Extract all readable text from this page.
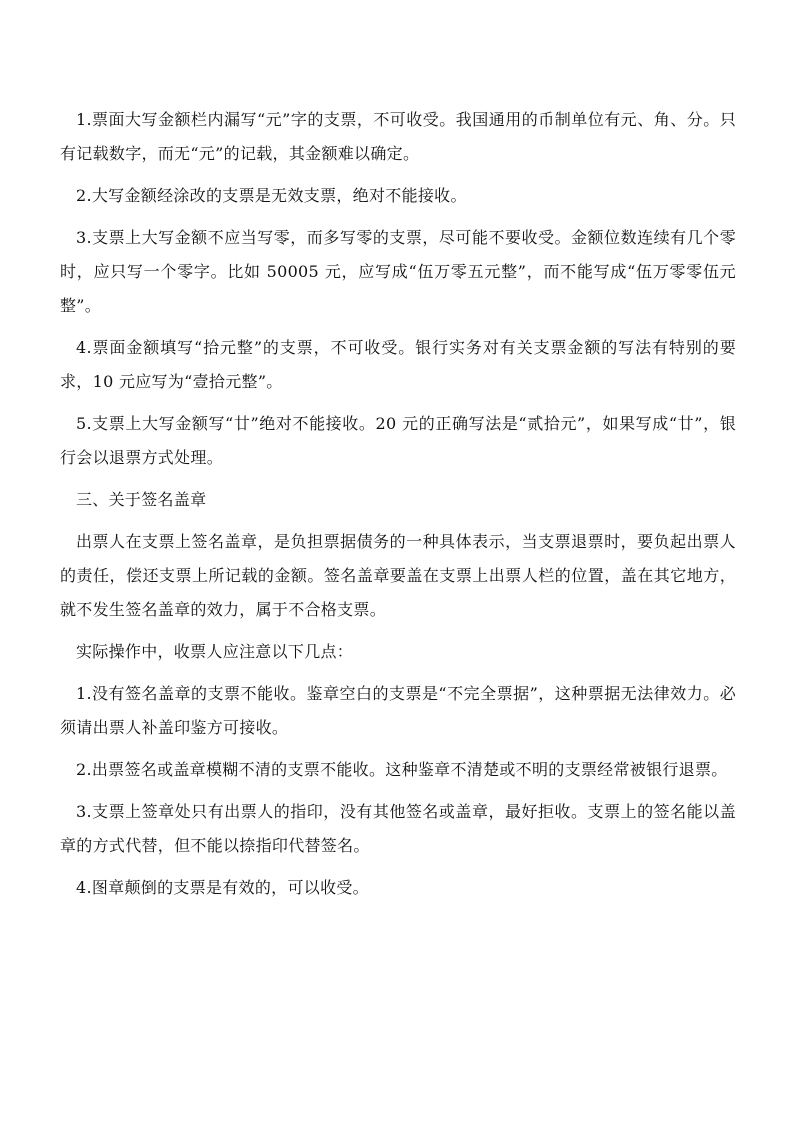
1.票面大写金额栏内漏写“元”字的支票，不可收受。我国通用的币制单位有元、角、分。只有记载数字，而无“元”的记载，其金额难以确定。

2.大写金额经涂改的支票是无效支票，绝对不能接收。

3.支票上大写金额不应当写零，而多写零的支票，尽可能不要收受。金额位数连续有几个零时，应只写一个零字。比如 50005 元，应写成“伍万零五元整”，而不能写成“伍万零零伍元整”。

4.票面金额填写“拾元整”的支票，不可收受。银行实务对有关支票金额的写法有特别的要求，10 元应写为“壹拾元整”。

5.支票上大写金额写“廿”绝对不能接收。20 元的正确写法是“贰拾元”，如果写成“廿”，银行会以退票方式处理。

三、关于签名盖章

出票人在支票上签名盖章，是负担票据债务的一种具体表示，当支票退票时，要负起出票人的责任，偿还支票上所记载的金额。签名盖章要盖在支票上出票人栏的位置，盖在其它地方，就不发生签名盖章的效力，属于不合格支票。

实际操作中，收票人应注意以下几点：

1.没有签名盖章的支票不能收。鉴章空白的支票是“不完全票据”，这种票据无法律效力。必须请出票人补盖印鉴方可接收。

2.出票签名或盖章模糊不清的支票不能收。这种鉴章不清楚或不明的支票经常被银行退票。

3.支票上签章处只有出票人的指印，没有其他签名或盖章，最好拒收。支票上的签名能以盖章的方式代替，但不能以捺指印代替签名。

4.图章颠倒的支票是有效的，可以收受。
